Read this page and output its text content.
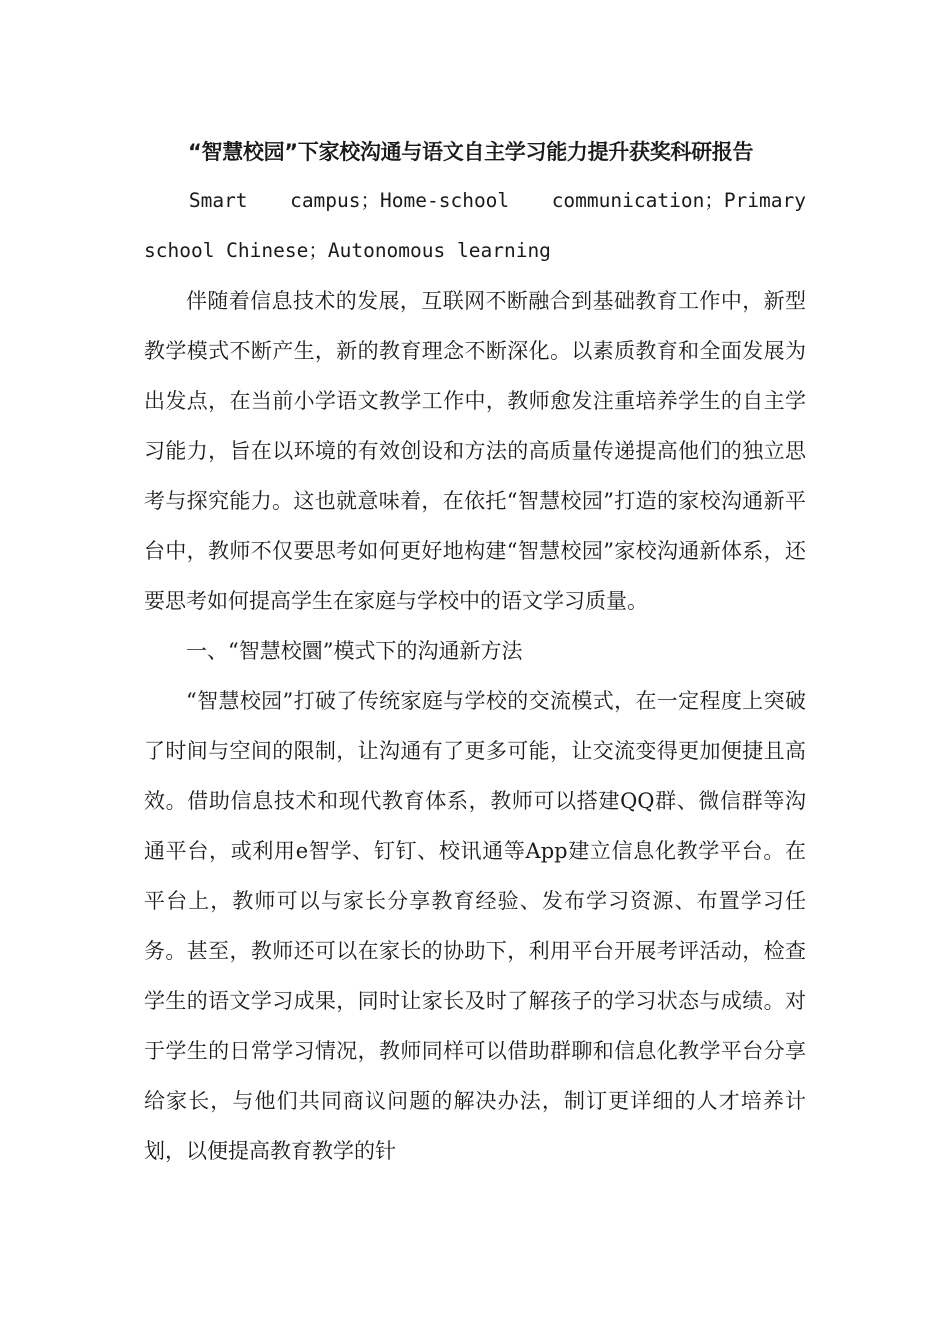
“智慧校园”下家校沟通与语文自主学习能力提升获奖科研报告

Smart campus；Home-school communication；Primary school Chinese；Autonomous learning

伴随着信息技术的发展，互联网不断融合到基础教育工作中，新型教学模式不断产生，新的教育理念不断深化。以素质教育和全面发展为出发点，在当前小学语文教学工作中，教师愈发注重培养学生的自主学习能力，旨在以环境的有效创设和方法的高质量传递提高他们的独立思考与探究能力。这也就意味着，在依托“智慧校园”打造的家校沟通新平台中，教师不仅要思考如何更好地构建“智慧校园”家校沟通新体系，还要思考如何提高学生在家庭与学校中的语文学习质量。

一、“智慧校圜”模式下的沟通新方法

“智慧校园”打破了传统家庭与学校的交流模式，在一定程度上突破了时间与空间的限制，让沟通有了更多可能，让交流变得更加便捷且高效。借助信息技术和现代教育体系，教师可以搭建QQ群、微信群等沟通平台，或利用e智学、钉钉、校讯通等App建立信息化教学平台。在平台上，教师可以与家长分享教育经验、发布学习资源、布置学习任务。甚至，教师还可以在家长的协助下，利用平台开展考评活动，检查学生的语文学习成果，同时让家长及时了解孩子的学习状态与成绩。对于学生的日常学习情况，教师同样可以借助群聊和信息化教学平台分享给家长，与他们共同商议问题的解决办法，制订更详细的人才培养计划，以便提高教育教学的针
